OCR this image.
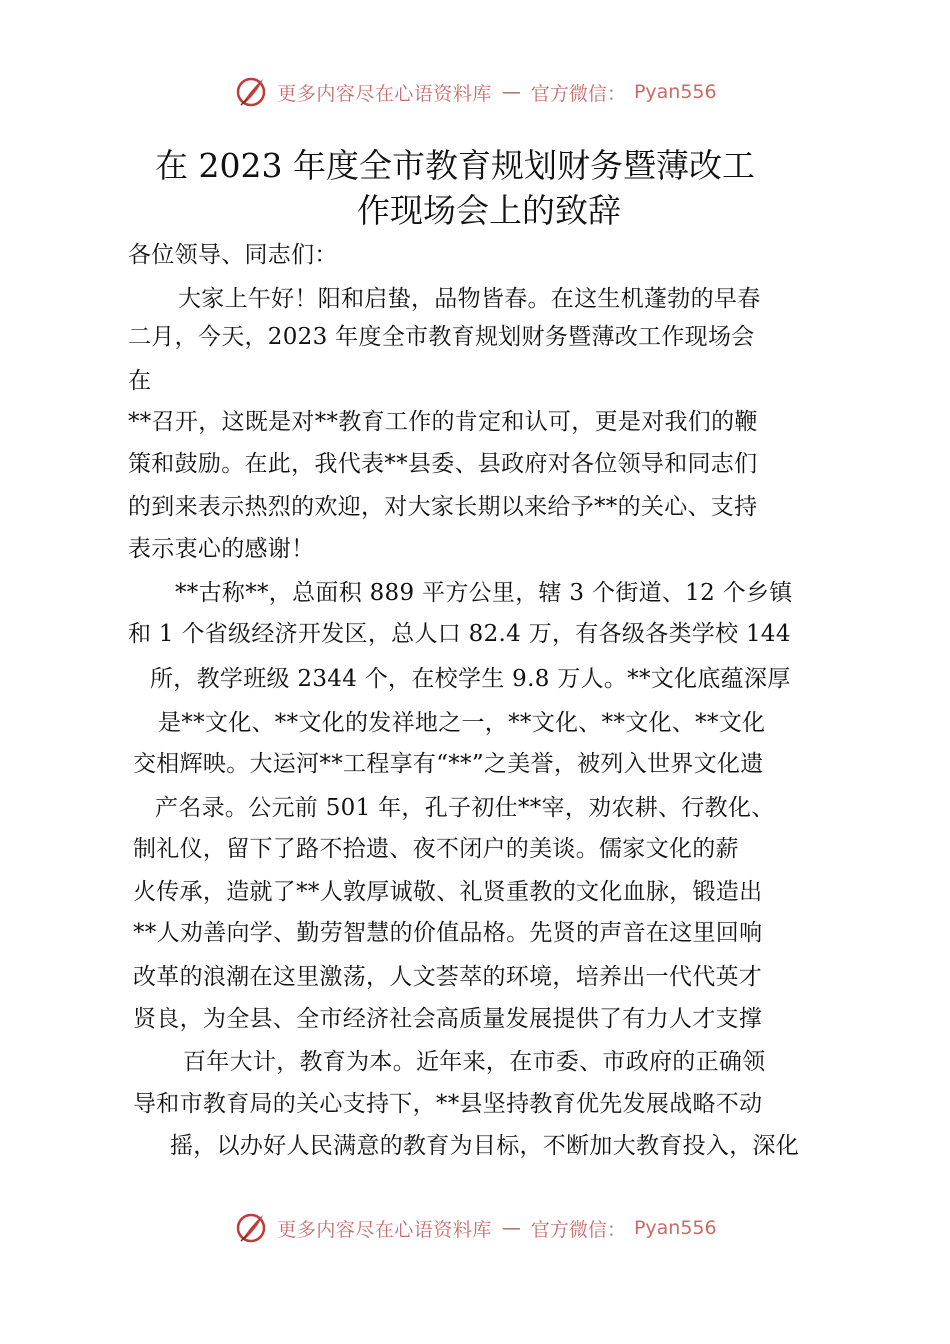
更多内容尽在心语资料库 — 官方微信： Pyan556
在 2023 年度全市教育规划财务暨薄改工
作现场会上的致辞
各位领导、同志们：
大家上午好！阳和启蛰，品物皆春。在这生机蓬勃的早春
二月，今天，2023 年度全市教育规划财务暨薄改工作现场会
在
**召开，这既是对**教育工作的肯定和认可，更是对我们的鞭
策和鼓励。在此，我代表**县委、县政府对各位领导和同志们
的到来表示热烈的欢迎，对大家长期以来给予**的关心、支持
表示衷心的感谢！
**古称**，总面积 889 平方公里，辖 3 个街道、12 个乡镇
和 1 个省级经济开发区，总人口 82.4 万，有各级各类学校 144
所，教学班级 2344 个，在校学生 9.8 万人。**文化底蕴深厚
是**文化、**文化的发祥地之一，**文化、**文化、**文化
交相辉映。大运河**工程享有“**”之美誉，被列入世界文化遗
产名录。公元前 501 年，孔子初仕**宰，劝农耕、行教化、
制礼仪，留下了路不拾遗、夜不闭户的美谈。儒家文化的薪
火传承，造就了**人敦厚诚敬、礼贤重教的文化血脉，锻造出
**人劝善向学、勤劳智慧的价值品格。先贤的声音在这里回响
改革的浪潮在这里激荡，人文荟萃的环境，培养出一代代英才
贤良，为全县、全市经济社会高质量发展提供了有力人才支撑
百年大计，教育为本。近年来，在市委、市政府的正确领
导和市教育局的关心支持下，**县坚持教育优先发展战略不动
摇，以办好人民满意的教育为目标，不断加大教育投入，深化
更多内容尽在心语资料库 — 官方微信： Pyan556
